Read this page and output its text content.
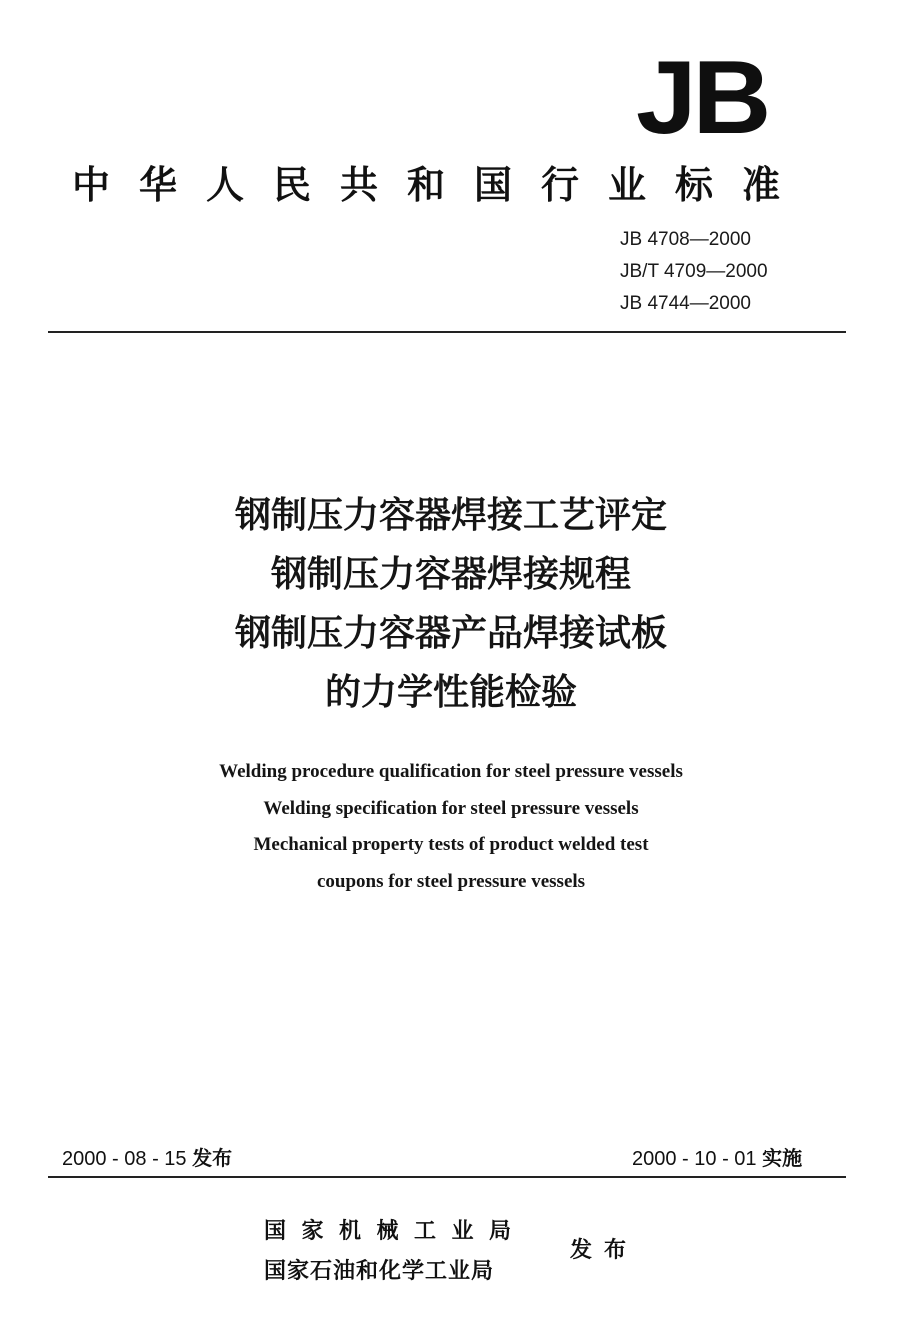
JB
中华人民共和国行业标准
JB 4708—2000
JB/T 4709—2000
JB 4744—2000
钢制压力容器焊接工艺评定
钢制压力容器焊接规程
钢制压力容器产品焊接试板
的力学性能检验
Welding procedure qualification for steel pressure vessels
Welding specification for steel pressure vessels
Mechanical property tests of product welded test
coupons for steel pressure vessels
2000 - 08 - 15 发布	2000 - 10 - 01 实施
国家机械工业局
国家石油和化学工业局
发布
